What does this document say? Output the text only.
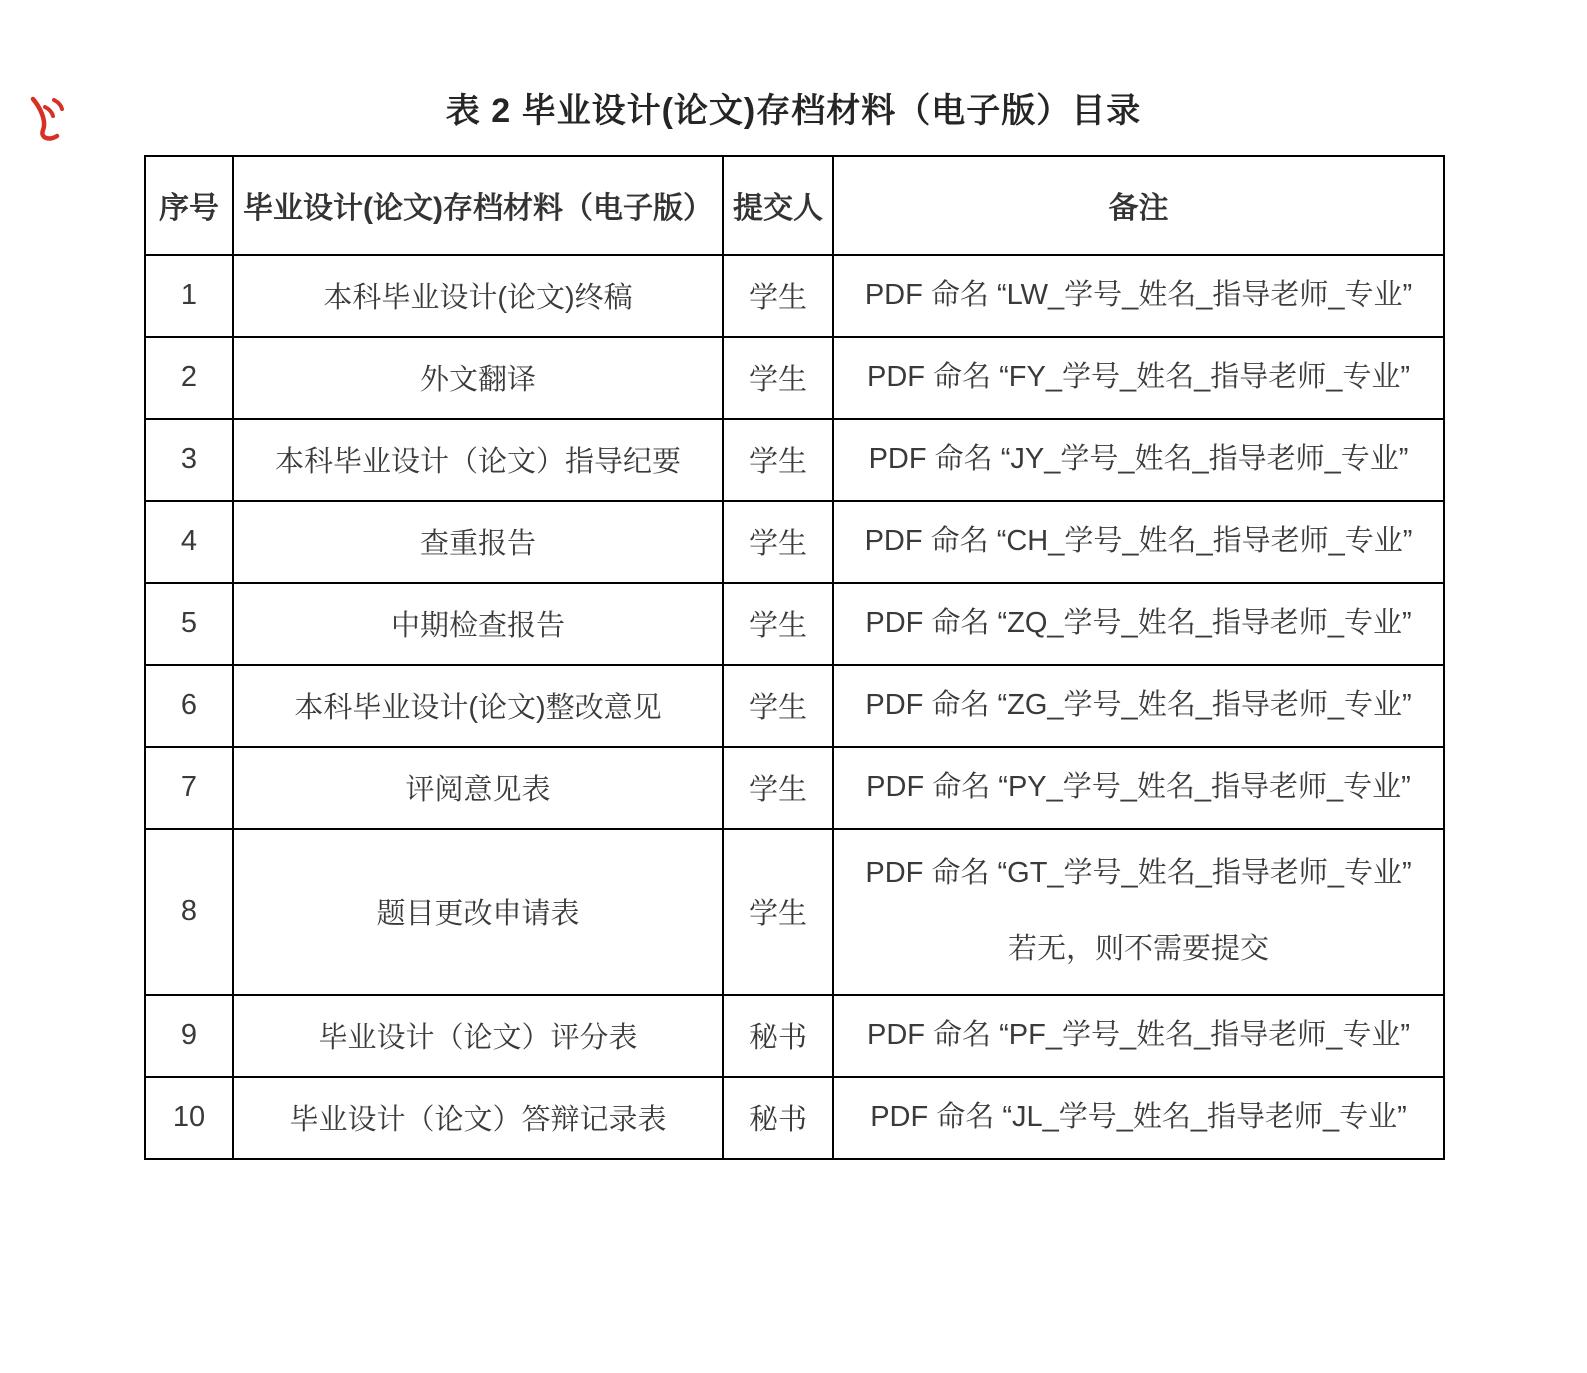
表 2 毕业设计(论文)存档材料（电子版）目录
序号	毕业设计(论文)存档材料（电子版）	提交人	备注
1	本科毕业设计(论文)终稿	学生	PDF 命名 “LW_学号_姓名_指导老师_专业”

2	外文翻译	学生	PDF 命名 “FY_学号_姓名_指导老师_专业”

3	本科毕业设计（论文）指导纪要	学生	PDF 命名 “JY_学号_姓名_指导老师_专业”

4	查重报告	学生	PDF 命名 “CH_学号_姓名_指导老师_专业”

5	中期检查报告	学生	PDF 命名 “ZQ_学号_姓名_指导老师_专业”

6	本科毕业设计(论文)整改意见	学生	PDF 命名 “ZG_学号_姓名_指导老师_专业”

7	评阅意见表	学生	PDF 命名 “PY_学号_姓名_指导老师_专业”

8	题目更改申请表	学生	PDF 命名 “GT_学号_姓名_指导老师_专业”
若无，则不需要提交

9	毕业设计（论文）评分表	秘书	PDF 命名 “PF_学号_姓名_指导老师_专业”

10	毕业设计（论文）答辩记录表	秘书	PDF 命名 “JL_学号_姓名_指导老师_专业”
